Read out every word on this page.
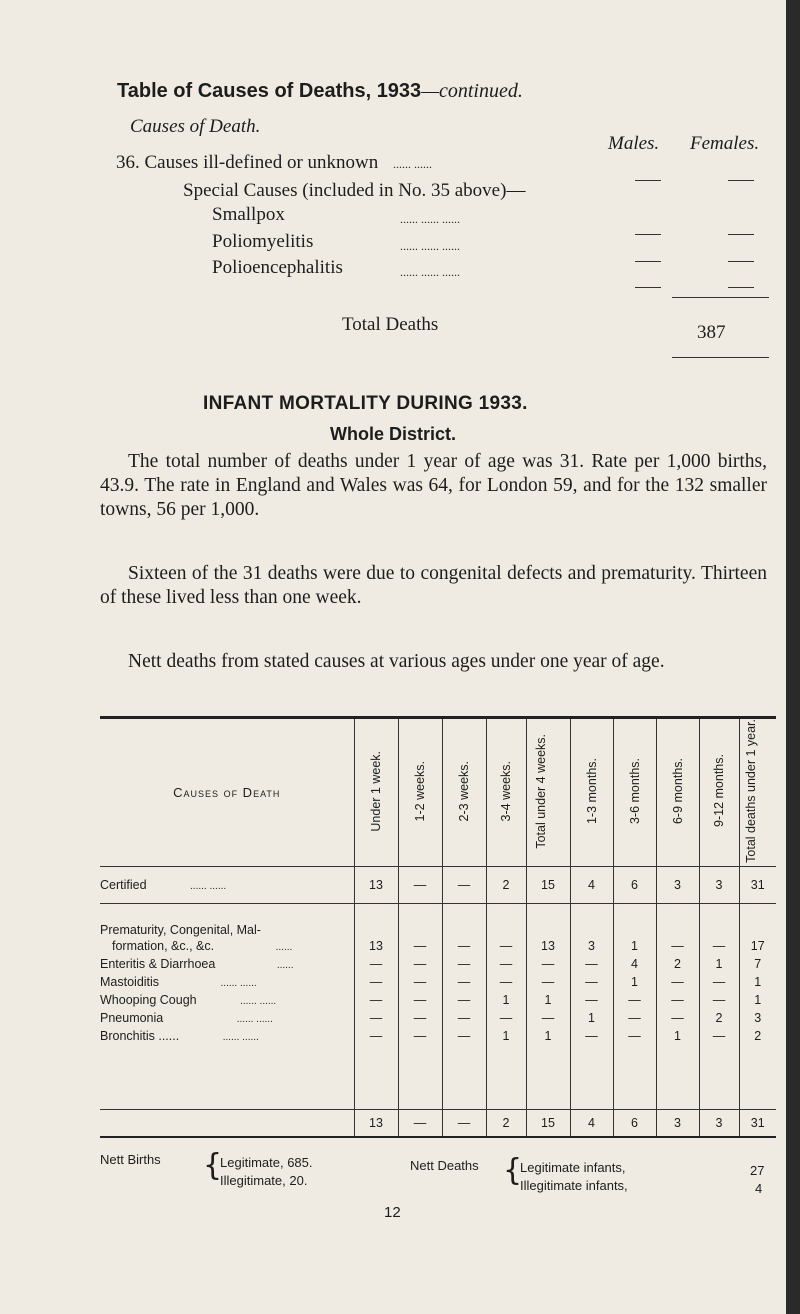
Table of Causes of Deaths, 1933—continued.
Causes of Death.
Males. Females.
36. Causes ill-defined or unknown ...... ......
Special Causes (included in No. 35 above)—
Smallpox	...... ...... ......
Poliomyelitis	...... ...... ......
Polioencephalitis	...... ...... ......
Total Deaths	387
INFANT MORTALITY DURING 1933.
Whole District.

The total number of deaths under 1 year of age was 31. Rate per 1,000 births, 43.9. The rate in England and Wales was 64, for London 59, and for the 132 smaller towns, 56 per 1,000.

Sixteen of the 31 deaths were due to congenital defects and prematurity. Thirteen of these lived less than one week.

Nett deaths from stated causes at various ages under one year of age.

Causes of Death	Under 1 week.	1-2 weeks.	2-3 weeks.	3-4 weeks.	Total under 4 weeks.	1-3 months.	3-6 months.	6-9 months.	9-12 months.	Total deaths under 1 year.
Certified ...... ......	13	—	—	2	15	4	6	3	3	31
Prematurity, Congenital, Mal-										
formation, &c., &c. ......	13	—	—	—	13	3	1	—	—	17
Enteritis & Diarrhoea ......	—	—	—	—	—	—	4	2	1	7
Mastoiditis ...... ......	—	—	—	—	—	—	1	—	—	1
Whooping Cough ...... ......	—	—	—	1	1	—	—	—	—	1
Pneumonia ...... ......	—	—	—	—	—	1	—	—	2	3
Bronchitis ...... ...... ......	—	—	—	1	1	—	—	1	—	2

	13	—	—	2	15	4	6	3	3	31
Nett Births {
Legitimate, 685.
Illegitimate, 20.
Nett Deaths {
Legitimate infants,	27
Illegitimate infants,	4
12
